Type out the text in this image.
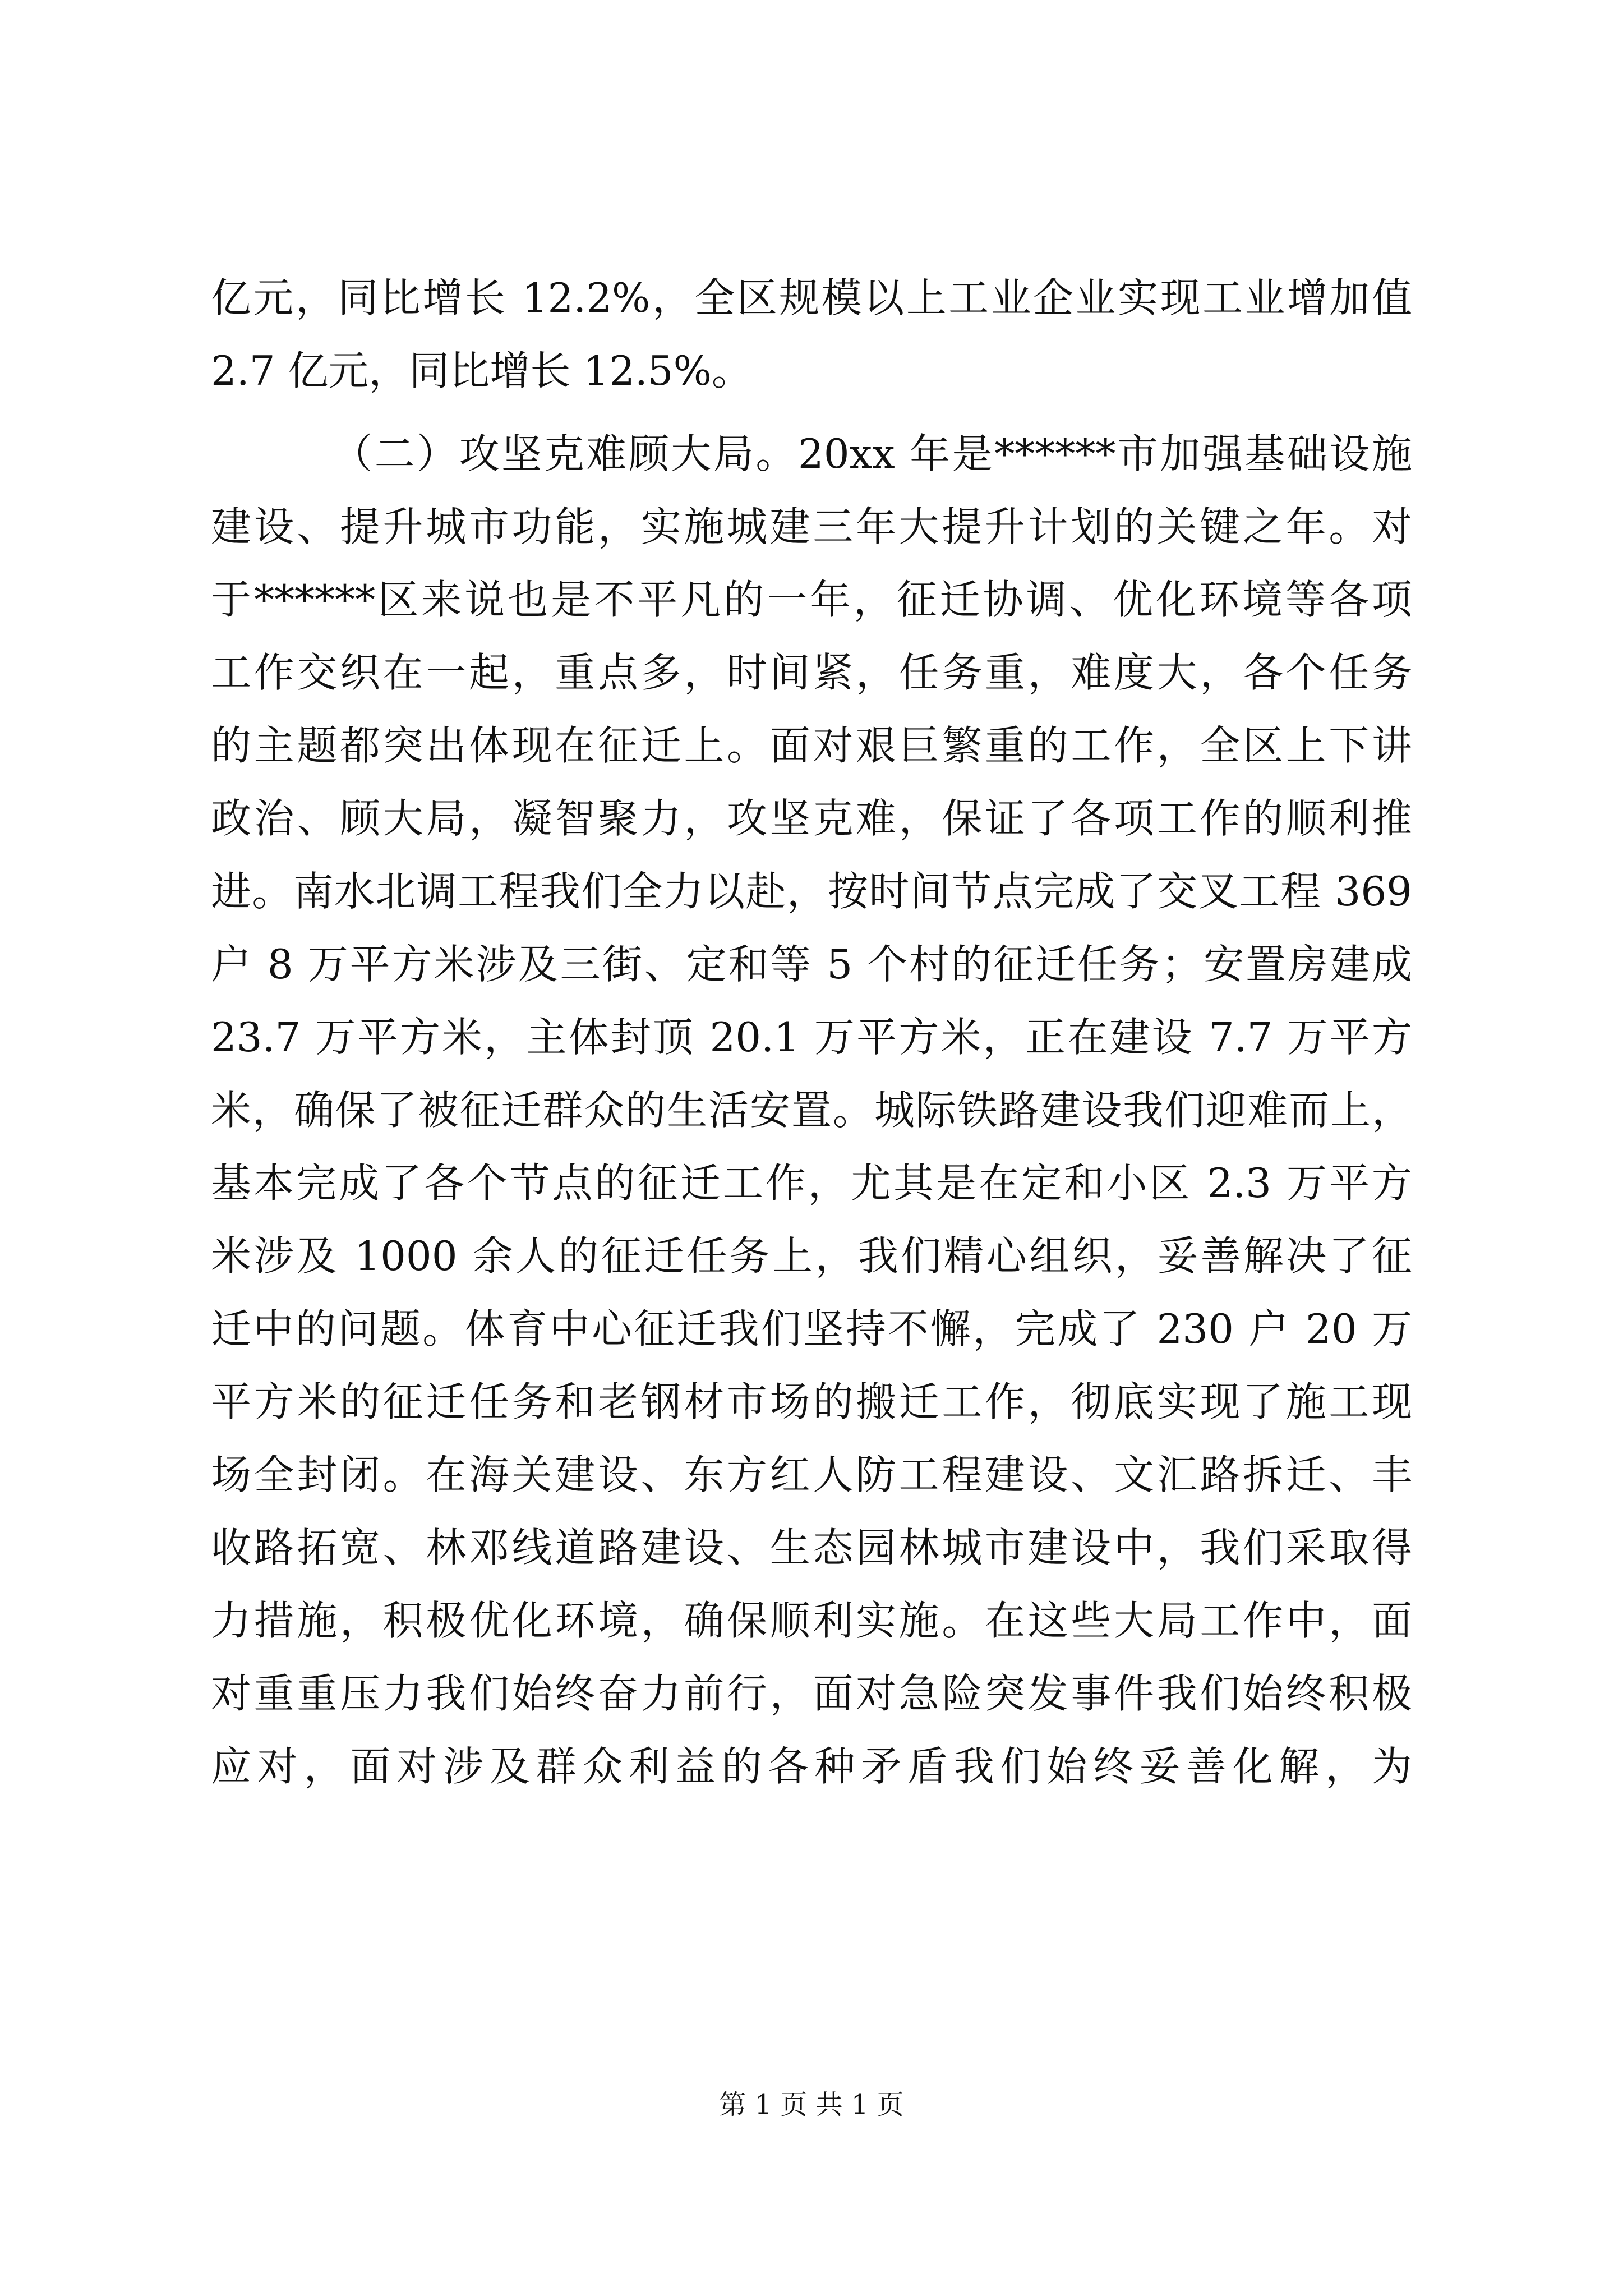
亿元，同比增长 12.2%，全区规模以上工业企业实现工业增加值
2.7 亿元，同比增长 12.5%。
（二）攻坚克难顾大局。20xx 年是******市加强基础设施
建设、提升城市功能，实施城建三年大提升计划的关键之年。对
于******区来说也是不平凡的一年，征迁协调、优化环境等各项
工作交织在一起，重点多，时间紧，任务重，难度大，各个任务
的主题都突出体现在征迁上。面对艰巨繁重的工作，全区上下讲
政治、顾大局，凝智聚力，攻坚克难，保证了各项工作的顺利推
进。南水北调工程我们全力以赴，按时间节点完成了交叉工程 369
户 8 万平方米涉及三街、定和等 5 个村的征迁任务；安置房建成
23.7 万平方米，主体封顶 20.1 万平方米，正在建设 7.7 万平方
米，确保了被征迁群众的生活安置。城际铁路建设我们迎难而上，
基本完成了各个节点的征迁工作，尤其是在定和小区 2.3 万平方
米涉及 1000 余人的征迁任务上，我们精心组织，妥善解决了征
迁中的问题。体育中心征迁我们坚持不懈，完成了 230 户 20 万
平方米的征迁任务和老钢材市场的搬迁工作，彻底实现了施工现
场全封闭。在海关建设、东方红人防工程建设、文汇路拆迁、丰
收路拓宽、林邓线道路建设、生态园林城市建设中，我们采取得
力措施，积极优化环境，确保顺利实施。在这些大局工作中，面
对重重压力我们始终奋力前行，面对急险突发事件我们始终积极
应对，面对涉及群众利益的各种矛盾我们始终妥善化解，为
第 1 页 共 1 页
